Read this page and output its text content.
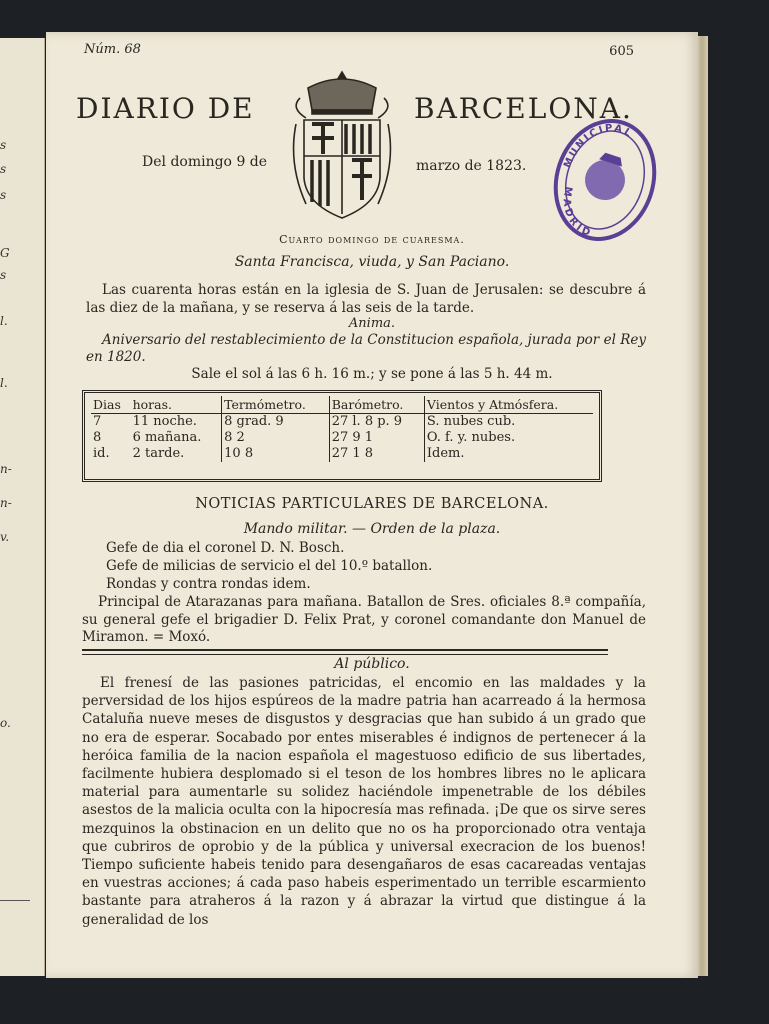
s
s
s
G
s
l.
l.
n-
n-
v.
o.
Núm. 68	605
DIARIO DE	BARCELONA.
Del domingo 9 de	marzo de 1823.	MUNICIPAL
MADRID
Cuarto domingo de cuaresma.
Santa Francisca, viuda, y San Paciano.
Las cuarenta horas están en la iglesia de S. Juan de Jerusalen: se descubre á las diez de la mañana, y se reserva á las seis de la tarde.
Anima.
Aniversario del restablecimiento de la Constitucion española, jurada por el Rey en 1820.
Sale el sol á las 6 h. 16 m.; y se pone á las 5 h. 44 m.
Dias	horas.	Termómetro.	Barómetro.	Vientos y Atmósfera.
7	11 noche.	8 grad. 9	27 l. 8 p. 9	S. nubes cub.
8	6 mañana.	8 2	27 9 1	O. f. y. nubes.
id.	2 tarde.	10 8	27 1 8	Idem.
NOTICIAS PARTICULARES DE BARCELONA.
Mando militar. — Orden de la plaza.
Gefe de dia el coronel D. N. Bosch.
Gefe de milicias de servicio el del 10.º batallon.
Rondas y contra rondas idem.
Principal de Atarazanas para mañana. Batallon de Sres. oficiales 8.ª compañía, su general gefe el brigadier D. Felix Prat, y coronel comandante don Manuel de Miramon. = Moxó.
Al público.
El frenesí de las pasiones patricidas, el encomio en las maldades y la perversidad de los hijos espúreos de la madre patria han acarreado á la hermosa Cataluña nueve meses de disgustos y desgracias que han subido á un grado que no era de esperar. Socabado por entes miserables é indignos de pertenecer á la heróica familia de la nacion española el magestuoso edificio de sus libertades, facilmente hubiera desplomado si el teson de los hombres libres no le aplicara material para aumentarle su solidez haciéndole impenetrable de los débiles asestos de la malicia oculta con la hipocresía mas refinada. ¡De que os sirve seres mezquinos la obstinacion en un delito que no os ha proporcionado otra ventaja que cubriros de oprobio y de la pública y universal execracion de los buenos! Tiempo suficiente habeis tenido para desengañaros de esas cacareadas ventajas en vuestras acciones; á cada paso habeis esperimentado un terrible escarmiento bastante para atraheros á la razon y á abrazar la virtud que distingue á la generalidad de los
